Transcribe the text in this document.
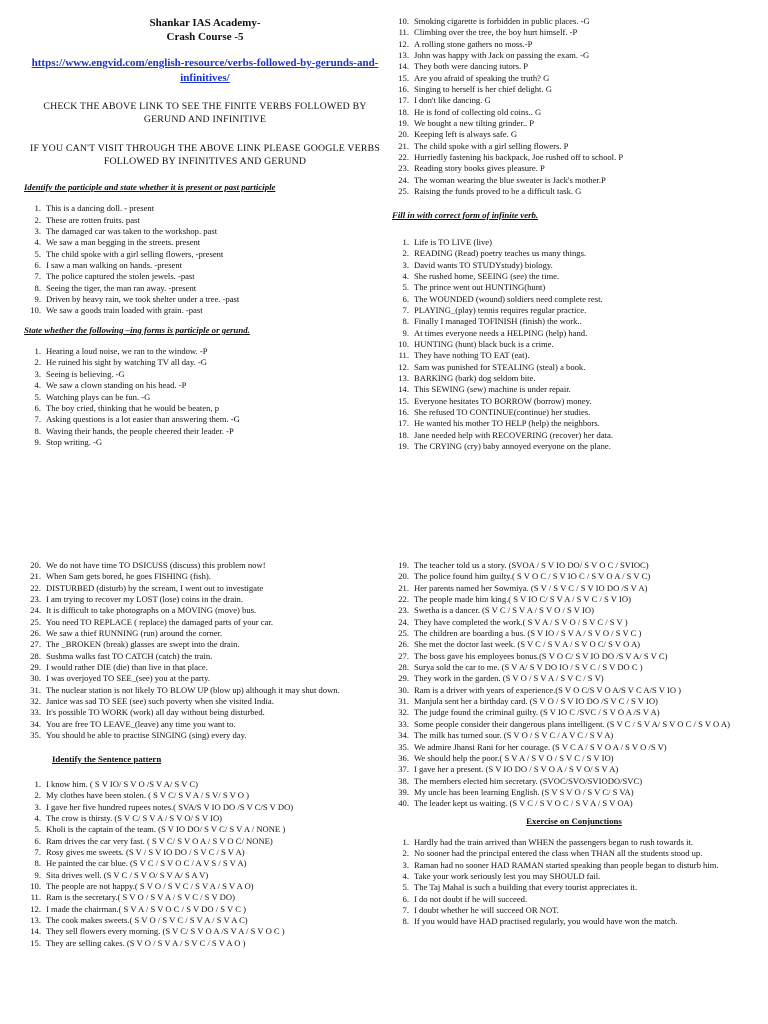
Shankar IAS Academy-
Crash Course -5
https://www.engvid.com/english-resource/verbs-followed-by-gerunds-and-infinitives/
CHECK THE ABOVE LINK TO SEE THE FINITE VERBS FOLLOWED BY GERUND AND INFINITIVE
IF YOU CAN'T VISIT THROUGH THE ABOVE LINK PLEASE GOOGLE VERBS FOLLOWED BY INFINITIVES AND GERUND
Identify the participle and state whether it is present or past participle
1. This is a dancing doll. - present
2. These are rotten fruits. past
3. The damaged car was taken to the workshop. past
4. We saw a man begging in the streets. present
5. The child spoke with a girl selling flowers, -present
6. I saw a man walking on hands. -present
7. The police captured the stolen jewels. -past
8. Seeing the tiger, the man ran away. -present
9. Driven by heavy rain, we took shelter under a tree. -past
10. We saw a goods train loaded with grain. -past
State whether the following –ing forms is participle or gerund.
1. Hearing a loud noise, we ran to the window. -P
2. He ruined his sight by watching TV all day. -G
3. Seeing is believing. -G
4. We saw a clown standing on his head. -P
5. Watching plays can be fun. -G
6. The boy cried, thinking that he would be beaten, p
7. Asking questions is a lot easier than answering them. -G
8. Waving their hands, the people cheered their leader. -P
9. Stop writing. -G
10. Smoking cigarette is forbidden in public places. -G
11. Climbing over the tree, the boy hurt himself. -P
12. A rolling stone gathers no moss.-P
13. John was happy with Jack on passing the exam. -G
14. They both were dancing tutors. P
15. Are you afraid of speaking the truth? G
16. Singing to herself is her chief delight. G
17. I don't like dancing. G
18. He is fond of collecting old coins.. G
19. We bought a new tilting grinder.. P
20. Keeping left is always safe. G
21. The child spoke with a girl selling flowers. P
22. Hurriedly fastening his backpack, Joe rushed off to school. P
23. Reading story books gives pleasure. P
24. The woman wearing the blue sweater is Jack's mother.P
25. Raising the funds proved to be a difficult task. G
Fill in with correct form of infinite verb.
1. Life is TO LIVE (live)
2. READING (Read) poetry teaches us many things.
3. David wants TO STUDYstudy) biology.
4. She rushed home, SEEING (see) the time.
5. The prince went out HUNTING(hunt)
6. The WOUNDED (wound) soldiers need complete rest.
7. PLAYING_(play) tennis requires regular practice.
8. Finally I managed TOFINISH (finish) the work..
9. At times everyone needs a HELPING (help) hand.
10. HUNTING (hunt) black buck is a crime.
11. They have nothing TO EAT (eat).
12. Sam was punished for STEALING (steal) a book.
13. BARKING (bark) dog seldom bite.
14. This SEWING (sew) machine is under repair.
15. Everyone hesitates TO BORROW (borrow) money.
16. She refused TO CONTINUE(continue) her studies.
17. He wanted his mother TO HELP (help) the neighbors.
18. Jane needed help with RECOVERING (recover) her data.
19. The CRYING (cry) baby annoyed everyone on the plane.
20. We do not have time TO DSICUSS (discuss) this problem now!
21. When Sam gets bored, he goes FISHING (fish).
22. DISTURBED (disturb) by the scream, I went out to investigate
23. I am trying to recover my LOST (lose) coins in the drain.
24. It is difficult to take photographs on a MOVING (move) bus.
25. You need TO REPLACE ( replace) the damaged parts of your car.
26. We saw a thief RUNNING (run) around the corner.
27. The _BROKEN (break) glasses are swept into the drain.
28. Sushma walks fast TO CATCH (catch) the train.
29. I would rather DIE (die) than live in that place.
30. I was overjoyed TO SEE_(see) you at the party.
31. The nuclear station is not likely TO BLOW UP (blow up) although it may shut down.
32. Janice was sad TO SEE (see) such poverty when she visited India.
33. It's possible TO WORK (work) all day without being disturbed.
34. You are free TO LEAVE_(leave) any time you want to.
35. You should be able to practise SINGING (sing) every day.
Identify the Sentence pattern
1. I know him. ( S V IO/ S V O /S V A/ S V C)
2. My clothes have been stolen. ( S V C/ S V A / S V/ S V O )
3. I gave her five hundred rupees notes.( SVA/S V IO DO /S V C/S V DO)
4. The crow is thirsty. (S V C/ S V A / S V O/ S V IO)
5. Kholi is the captain of the team. (S V IO DO/ S V C/ S V A / NONE )
6. Ram drives the car very fast. ( S V C/ S V O A / S V O C/ NONE)
7. Rosy gives me sweets. (S V / S V IO DO / S V C / S V A)
8. He painted the car blue. (S V C / S V O C / A V S / S V A)
9. Sita drives well. (S V C / S V O/ S V A/ S A V)
10. The people are not happy.( S V O / S V C / S V A / S V A O)
11. Ram is the secretary.( S V O / S V A / S V C / S V DO)
12. I made the chairman.( S V A / S V O C / S V DO / S V C )
13. The cook makes sweets.( S V O / S V C / S V A / S V A C)
14. They sell flowers every morning. (S V C/ S V O A /S V A / S V O C )
15. They are selling cakes. (S V O / S V A / S V C / S V A O )
19. The teacher told us a story. (SVOA / S V IO DO/ S V O C / SVIOC)
20. The police found him guilty.( S V O C / S V IO C / S V O A / S V C)
21. Her parents named her Sowmiya. (S V / S V C / S V IO DO /S V A)
22. The people made him king.( S V IO C/ S V A / S V C / S V IO)
23. Swetha is a dancer. (S V C / S V A / S V O / S V IO)
24. They have completed the work.( S V A / S V O / S V C / S V )
25. The children are boarding a bus. (S V IO / S V A / S V O / S V C )
26. She met the doctor last week. (S V C / S V A / S V O C/ S V O A)
27. The boss gave his employees bonus.(S V O C/ S V IO DO /S V A/ S V C)
28. Surya sold the car to me. (S V A/ S V DO IO / S V C / S V DO C )
29. They work in the garden. (S V O / S V A / S V C / S V)
30. Ram is a driver with years of experience.(S V O C/S V O A/S V C A/S V IO )
31. Manjula sent her a birthday card. (S V O / S V IO DO /S V C / S V IO)
32. The judge found the criminal guilty. (S V IO C /SVC / S V O A /S V A)
33. Some people consider their dangerous plans intelligent. (S V C / S V A/ S V O C / S V O A)
34. The milk has turned sour. (S V O / S V C / A V C / S V A)
35. We admire Jhansi Rani for her courage. (S V C A / S V O A / S V O /S V)
36. We should help the poor.( S V A / S V O / S V C / S V IO)
37. I gave her a present. (S V IO DO / S V O A / S V O/ S V A)
38. The members elected him secretary. (SVOC/SVO/SVIODO/SVC)
39. My uncle has been learning English. (S V S V O / S V C/ S VA)
40. The leader kept us waiting. (S V C / S V O C / S V A / S V OA)
Exercise on Conjunctions
1. Hardly had the train arrived than WHEN the passengers began to rush towards it.
2. No sooner had the principal entered the class when THAN all the students stood up.
3. Raman had no sooner HAD RAMAN started speaking than people began to disturb him.
4. Take your work seriously lest you may SHOULD fail.
5. The Taj Mahal is such a building that every tourist appreciates it.
6. I do not doubt if he will succeed.
7. I doubt whether he will succeed OR NOT.
8. If you would have HAD practised regularly, you would have won the match.
